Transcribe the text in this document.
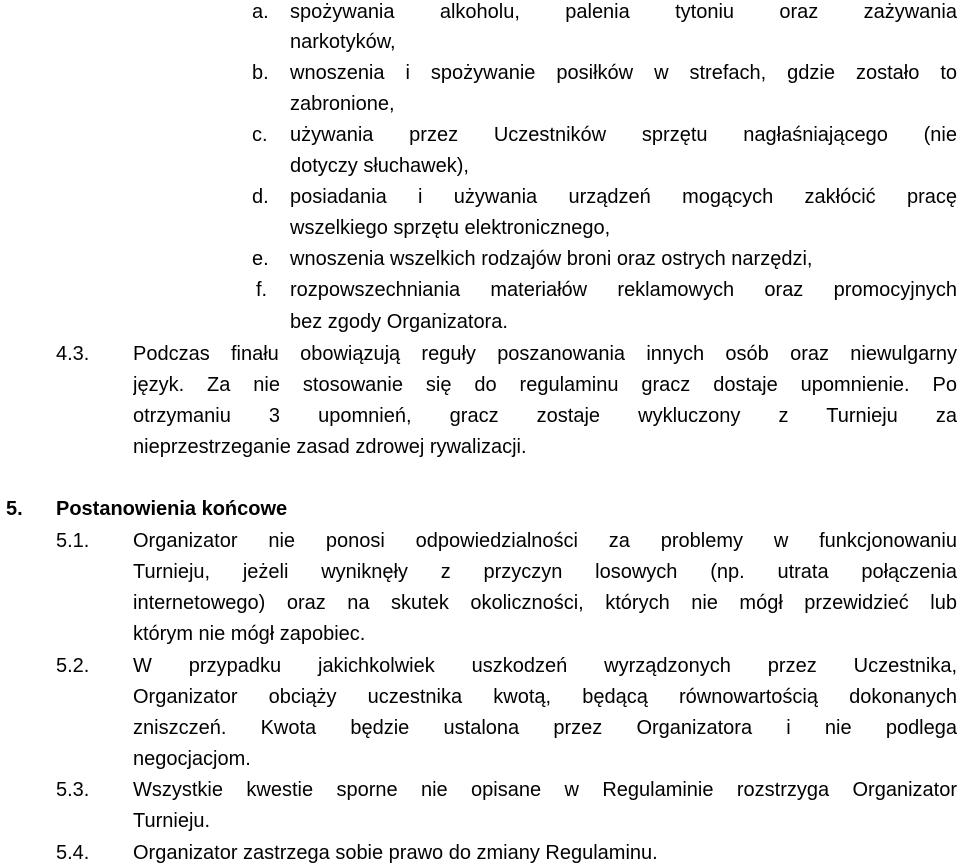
a. spożywania alkoholu, palenia tytoniu oraz zażywania
narkotyków,
b. wnoszenia i spożywanie posiłków w strefach, gdzie zostało to
zabronione,
c. używania przez Uczestników sprzętu nagłaśniającego (nie
dotyczy słuchawek),
d. posiadania i używania urządzeń mogących zakłócić pracę
wszelkiego sprzętu elektronicznego,
e. wnoszenia wszelkich rodzajów broni oraz ostrych narzędzi,
f. rozpowszechniania materiałów reklamowych oraz promocyjnych
bez zgody Organizatora.
4.3. Podczas finału obowiązują reguły poszanowania innych osób oraz niewulgarny
język. Za nie stosowanie się do regulaminu gracz dostaje upomnienie. Po
otrzymaniu 3 upomnień, gracz zostaje wykluczony z Turnieju za
nieprzestrzeganie zasad zdrowej rywalizacji.
5. Postanowienia końcowe
5.1. Organizator nie ponosi odpowiedzialności za problemy w funkcjonowaniu
Turnieju, jeżeli wyniknęły z przyczyn losowych (np. utrata połączenia
internetowego) oraz na skutek okoliczności, których nie mógł przewidzieć lub
którym nie mógł zapobiec.
5.2. W przypadku jakichkolwiek uszkodzeń wyrządzonych przez Uczestnika,
Organizator obciąży uczestnika kwotą, będącą równowartością dokonanych
zniszczeń. Kwota będzie ustalona przez Organizatora i nie podlega
negocjacjom.
5.3. Wszystkie kwestie sporne nie opisane w Regulaminie rozstrzyga Organizator
Turnieju.
5.4. Organizator zastrzega sobie prawo do zmiany Regulaminu.
